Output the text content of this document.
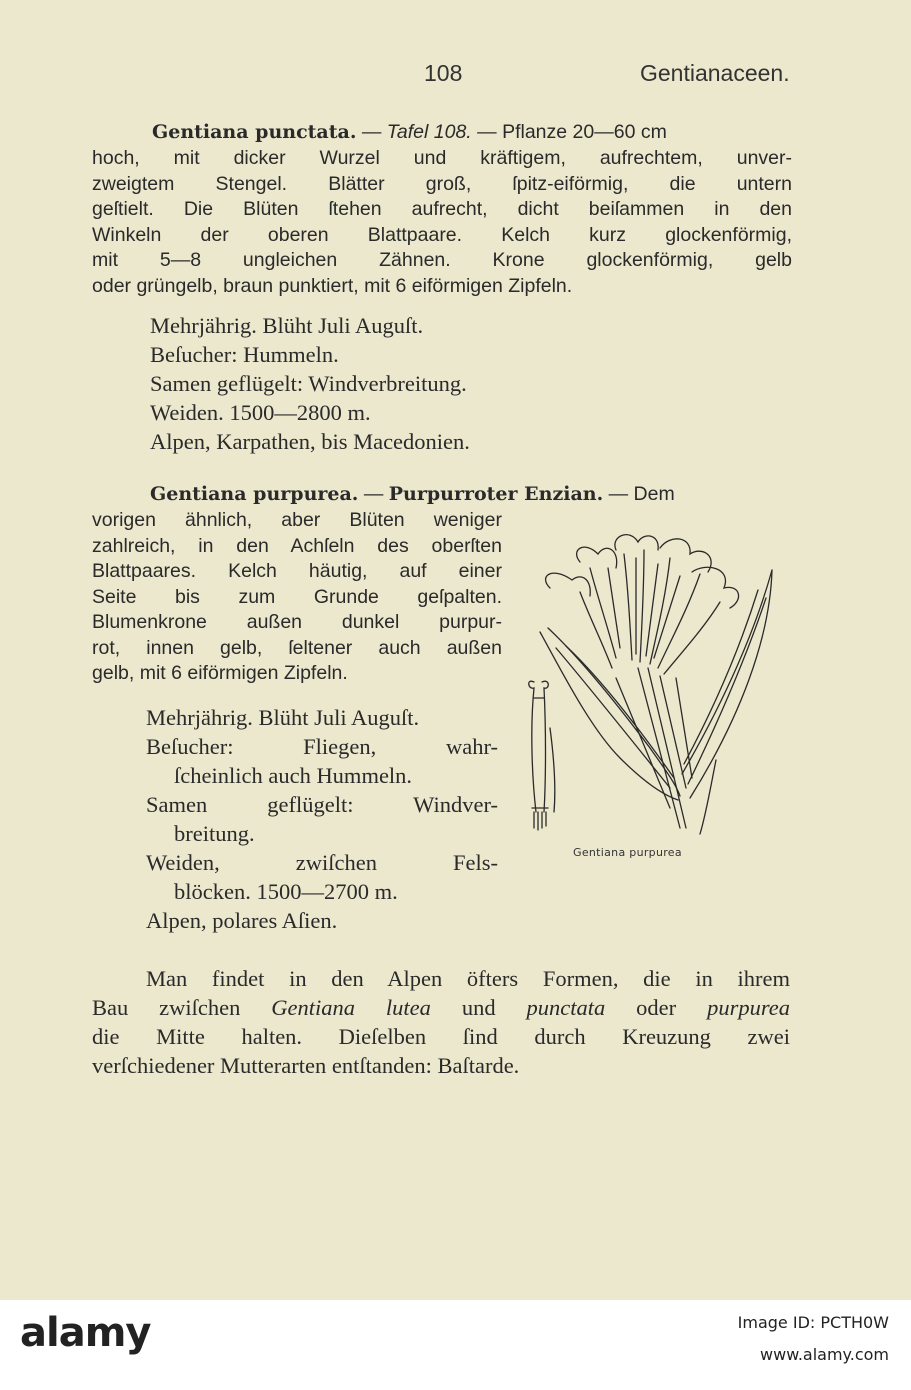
108	Gentianaceen.
Gentiana punctata. — Tafel 108. — Pflanze 20—60 cm
hoch, mit dicker Wurzel und kräftigem, aufrechtem, unver-
zweigtem Stengel. Blätter groß, ſpitz-eiförmig, die untern
geſtielt. Die Blüten ſtehen aufrecht, dicht beiſammen in den
Winkeln der oberen Blattpaare. Kelch kurz glockenförmig,
mit 5—8 ungleichen Zähnen. Krone glockenförmig, gelb
oder grüngelb, braun punktiert, mit 6 eiförmigen Zipfeln.
Mehrjährig. Blüht Juli Auguſt.
Beſucher: Hummeln.
Samen geflügelt: Windverbreitung.
Weiden. 1500—2800 m.
Alpen, Karpathen, bis Macedonien.
Gentiana purpurea. — Purpurroter Enzian. — Dem
vorigen ähnlich, aber Blüten weniger
zahlreich, in den Achſeln des oberſten
Blattpaares. Kelch häutig, auf einer
Seite bis zum Grunde geſpalten.
Blumenkrone außen dunkel purpur-
rot, innen gelb, ſeltener auch außen
gelb, mit 6 eiförmigen Zipfeln.
Mehrjährig. Blüht Juli Auguſt.
Beſucher: Fliegen, wahr-
ſcheinlich auch Hummeln.
Samen geflügelt: Windver-
breitung.
Weiden, zwiſchen Fels-
blöcken. 1500—2700 m.
Alpen, polares Aſien.
Gentiana purpurea
Man findet in den Alpen öfters Formen, die in ihrem
Bau zwiſchen Gentiana lutea und punctata oder purpurea
die Mitte halten. Dieſelben ſind durch Kreuzung zwei
verſchiedener Mutterarten entſtanden: Baſtarde.
alamy	Image ID: PCTH0W
www.alamy.com
